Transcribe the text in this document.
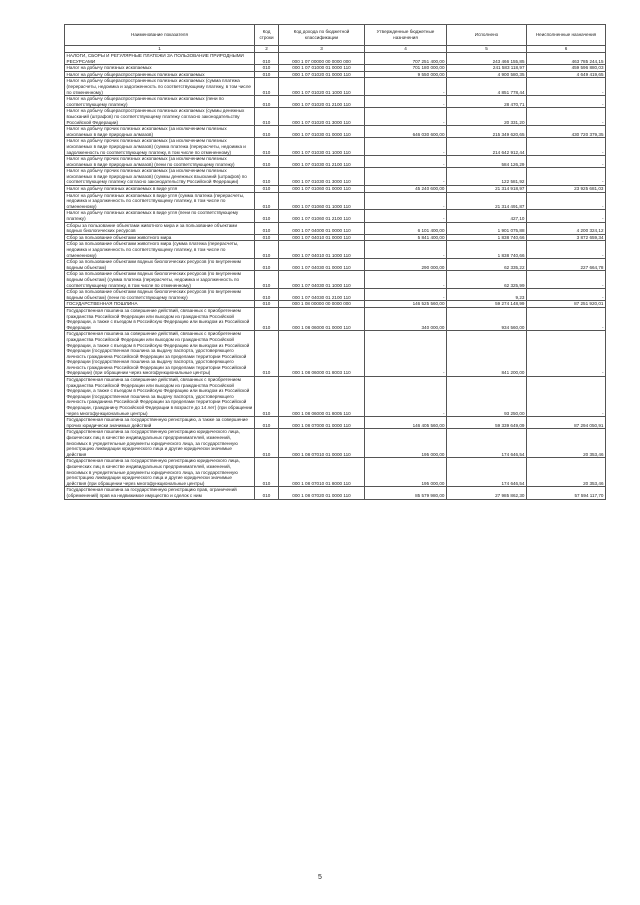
Наименование показателя	Код строки	Код дохода по бюджетной классификации	Утвержденные бюджетные назначения	Исполнено	Неисполненные назначения
1	2	3	4	5	6
НАЛОГИ, СБОРЫ И РЕГУЛЯРНЫЕ ПЛАТЕЖИ ЗА ПОЛЬЗОВАНИЕ ПРИРОДНЫМИ РЕСУРСАМИ	010	000 1 07 00000 00 0000 000	707 251 400,00	243 466 155,85	463 785 244,15
Налог на добычу полезных ископаемых	010	000 1 07 01000 01 0000 110	701 180 000,00	241 583 118,97	459 596 880,03
Налог на добычу общераспространенных полезных ископаемых	010	000 1 07 01020 01 0000 110	9 550 000,00	4 900 580,35	4 649 419,65
Налог на добычу общераспространенных полезных ископаемых (сумма платежа (перерасчеты, недоимка и задолженность по соответствующему платежу, в том числе по отмененному)	010	000 1 07 01020 01 1000 110	-	4 851 778,44	-
Налог на добычу общераспространенных полезных ископаемых (пени по соответствующему платежу)	010	000 1 07 01020 01 2100 110	-	28 470,71	-
Налог на добычу общераспространенных полезных ископаемых (суммы денежных взысканий (штрафов) по соответствующему платежу согласно законодательству Российской Федерации)	010	000 1 07 01020 01 3000 110	-	20 331,20	-
Налог на добычу прочих полезных ископаемых (за исключением полезных ископаемых в виде природных алмазов)	010	000 1 07 01030 01 0000 110	646 030 600,00	215 349 620,65	430 720 379,35
Налог на добычу прочих полезных ископаемых (за исключением полезных ископаемых в виде природных алмазов) (сумма платежа (перерасчеты, недоимка и задолженность по соответствующему платежу, в том числе по отмененному)	010	000 1 07 01030 01 1000 110	-	214 642 912,44	-
Налог на добычу прочих полезных ископаемых (за исключением полезных ископаемых в виде природных алмазов) (пени по соответствующему платежу)	010	000 1 07 01030 01 2100 110	-	584 126,29	-
Налог на добычу прочих полезных ископаемых (за исключением полезных ископаемых в виде природных алмазов) (суммы денежных взысканий (штрафов) по соответствующему платежу согласно законодательству Российской Федерации)	010	000 1 07 01030 01 3000 110	-	122 581,92	-
Налог на добычу полезных ископаемых в виде угля	010	000 1 07 01060 01 0000 110	45 240 600,00	21 314 918,97	23 925 681,03
Налог на добычу полезных ископаемых в виде угля (сумма платежа (перерасчеты, недоимка и задолженность по соответствующему платежу, в том числе по отмененному)	010	000 1 07 01060 01 1000 110	-	21 314 491,87	-
Налог на добычу полезных ископаемых в виде угля (пени по соответствующему платежу)	010	000 1 07 01060 01 2100 110	-	427,10	-
Сборы за пользование объектами животного мира и за пользование объектами водных биологических ресурсов	010	000 1 07 04000 01 0000 110	6 101 400,00	1 901 075,88	4 200 324,12
Сбор за пользование объектами животного мира	010	000 1 07 04010 01 0000 110	5 841 400,00	1 838 740,66	3 872 659,34
Сбор за пользование объектами животного мира (сумма платежа (перерасчеты, недоимка и задолженность по соответствующему платежу, в том числе по отмененному)	010	000 1 07 04010 01 1000 110	-	1 838 740,66	-
Сбор за пользование объектами водных биологических ресурсов (по внутренним водным объектам)	010	000 1 07 04030 01 0000 110	290 000,00	62 335,22	227 664,78
Сбор за пользование объектами водных биологических ресурсов (по внутренним водным объектам) (сумма платежа (перерасчеты, недоимка и задолженность по соответствующему платежу, в том числе по отмененному)	010	000 1 07 04030 01 1000 110	-	62 325,99	-
Сбор за пользование объектами водных биологических ресурсов (по внутренним водным объектам) (пени по соответствующему платежу)	010	000 1 07 04030 01 2100 110	-	9,23	-
ГОСУДАРСТВЕННАЯ ПОШЛИНА	010	000 1 08 00000 00 0000 000	146 525 560,00	59 274 148,99	87 251 920,01
Государственная пошлина за совершение действий, связанных с приобретением гражданства Российской Федерации или выходом из гражданства Российской Федерации, а также с въездом в Российскую Федерацию или выездом из Российской Федерации	010	000 1 08 06000 01 0000 110	340 000,00	934 560,00	-
Государственная пошлина за совершение действий, связанных с приобретением гражданства Российской Федерации или выходом из гражданства Российской Федерации, а также с въездом в Российскую Федерацию или выездом из Российской Федерации (государственная пошлина за выдачу паспорта, удостоверяющего личность гражданина Российской Федерации за пределами территории Российской Федерации (государственная пошлина за выдачу паспорта, удостоверяющего личность гражданина Российской Федерации за пределами территории Российской Федерации) (при обращении через многофункциональные центры)	010	000 1 08 06000 01 8003 110	-	841 200,00	-
Государственная пошлина за совершение действий, связанных с приобретением гражданства Российской Федерации или выходом из гражданства Российской Федерации, а также с въездом в Российскую Федерацию или выездом из Российской Федерации (государственная пошлина за выдачу паспорта, удостоверяющего личность гражданина Российской Федерации за пределами территории Российской Федерации, гражданину Российской Федерации в возрасте до 14 лет) (при обращении через многофункциональные центры)	010	000 1 08 06000 01 8005 110	-	93 250,00	-
Государственная пошлина за государственную регистрацию, а также за совершение прочих юридически значимых действий	010	000 1 08 07000 01 0000 110	146 405 560,00	59 339 649,09	87 294 050,91
Государственная пошлина за государственную регистрацию юридического лица, физических лиц в качестве индивидуальных предпринимателей, изменений, вносимых в учредительные документы юридического лица, за государственную регистрацию ликвидации юридического лица и другие юридически значимые действия	010	000 1 08 07010 01 0000 110	195 000,00	174 646,54	20 353,46
Государственная пошлина за государственную регистрацию юридического лица, физических лиц в качестве индивидуальных предпринимателей, изменений, вносимых в учредительные документы юридического лица, за государственную регистрацию ликвидации юридического лица и другие юридически значимые действия (при обращении через многофункциональные центры)	010	000 1 08 07010 01 8000 110	195 000,00	174 646,54	20 353,46
Государственная пошлина за государственную регистрацию прав, ограничений (обременений) прав на недвижимое имущество и сделок с ним	010	000 1 08 07020 01 0000 110	85 579 980,00	27 985 862,30	57 594 117,70
5
